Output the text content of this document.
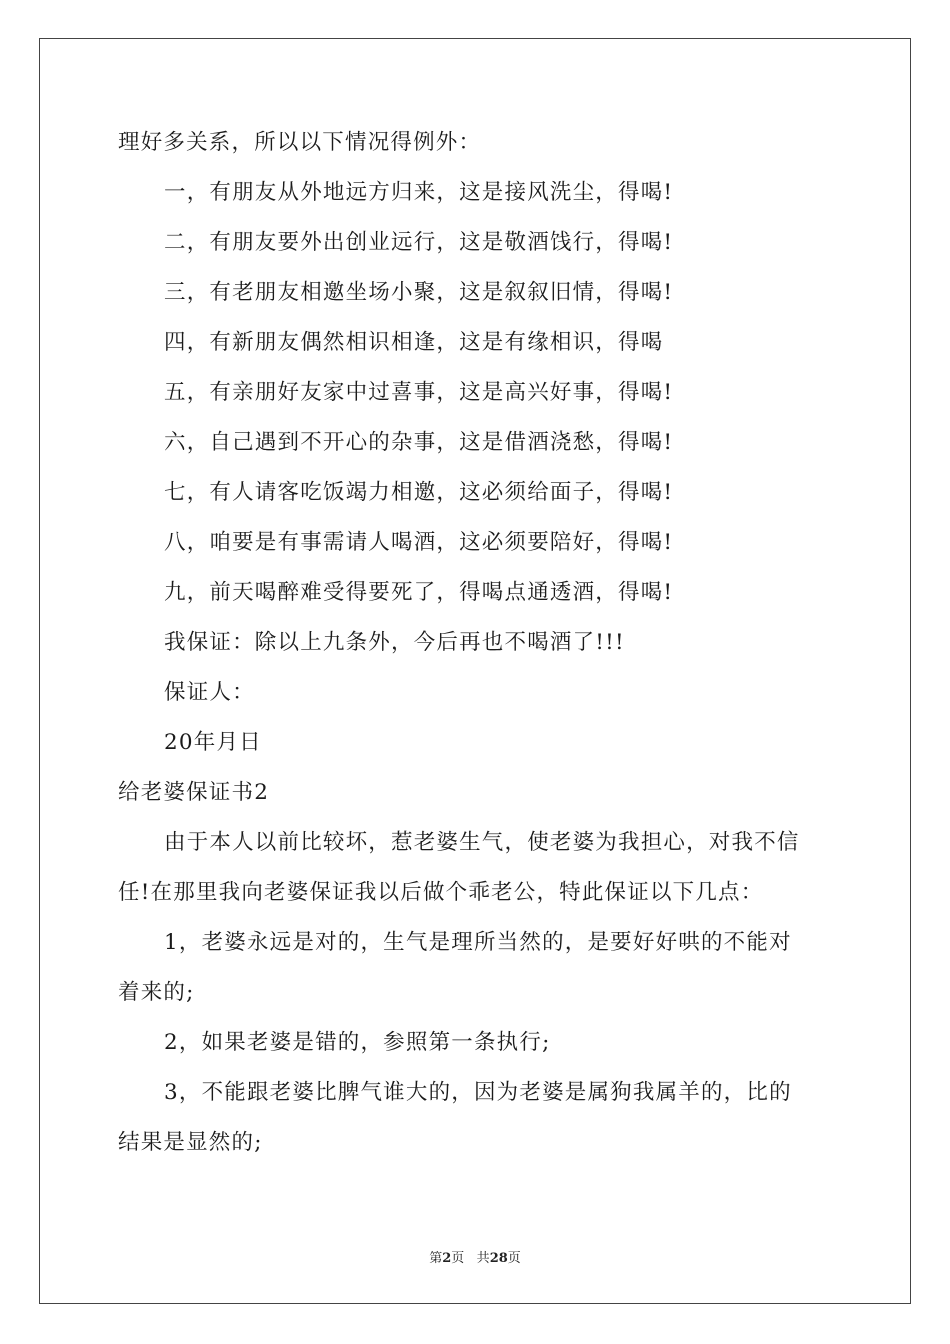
理好多关系，所以以下情况得例外：
一，有朋友从外地远方归来，这是接风洗尘，得喝!
二，有朋友要外出创业远行，这是敬酒饯行，得喝!
三，有老朋友相邀坐场小聚，这是叙叙旧情，得喝!
四，有新朋友偶然相识相逢，这是有缘相识，得喝
五，有亲朋好友家中过喜事，这是高兴好事，得喝!
六，自己遇到不开心的杂事，这是借酒浇愁，得喝!
七，有人请客吃饭竭力相邀，这必须给面子，得喝!
八，咱要是有事需请人喝酒，这必须要陪好，得喝!
九，前天喝醉难受得要死了，得喝点通透酒，得喝!
我保证：除以上九条外，今后再也不喝酒了!!!
保证人：
20年月日
给老婆保证书2
由于本人以前比较坏，惹老婆生气，使老婆为我担心，对我不信
任!在那里我向老婆保证我以后做个乖老公，特此保证以下几点：
1，老婆永远是对的，生气是理所当然的，是要好好哄的不能对
着来的;
2，如果老婆是错的，参照第一条执行;
3，不能跟老婆比脾气谁大的，因为老婆是属狗我属羊的，比的
结果是显然的;
第2页 共28页
